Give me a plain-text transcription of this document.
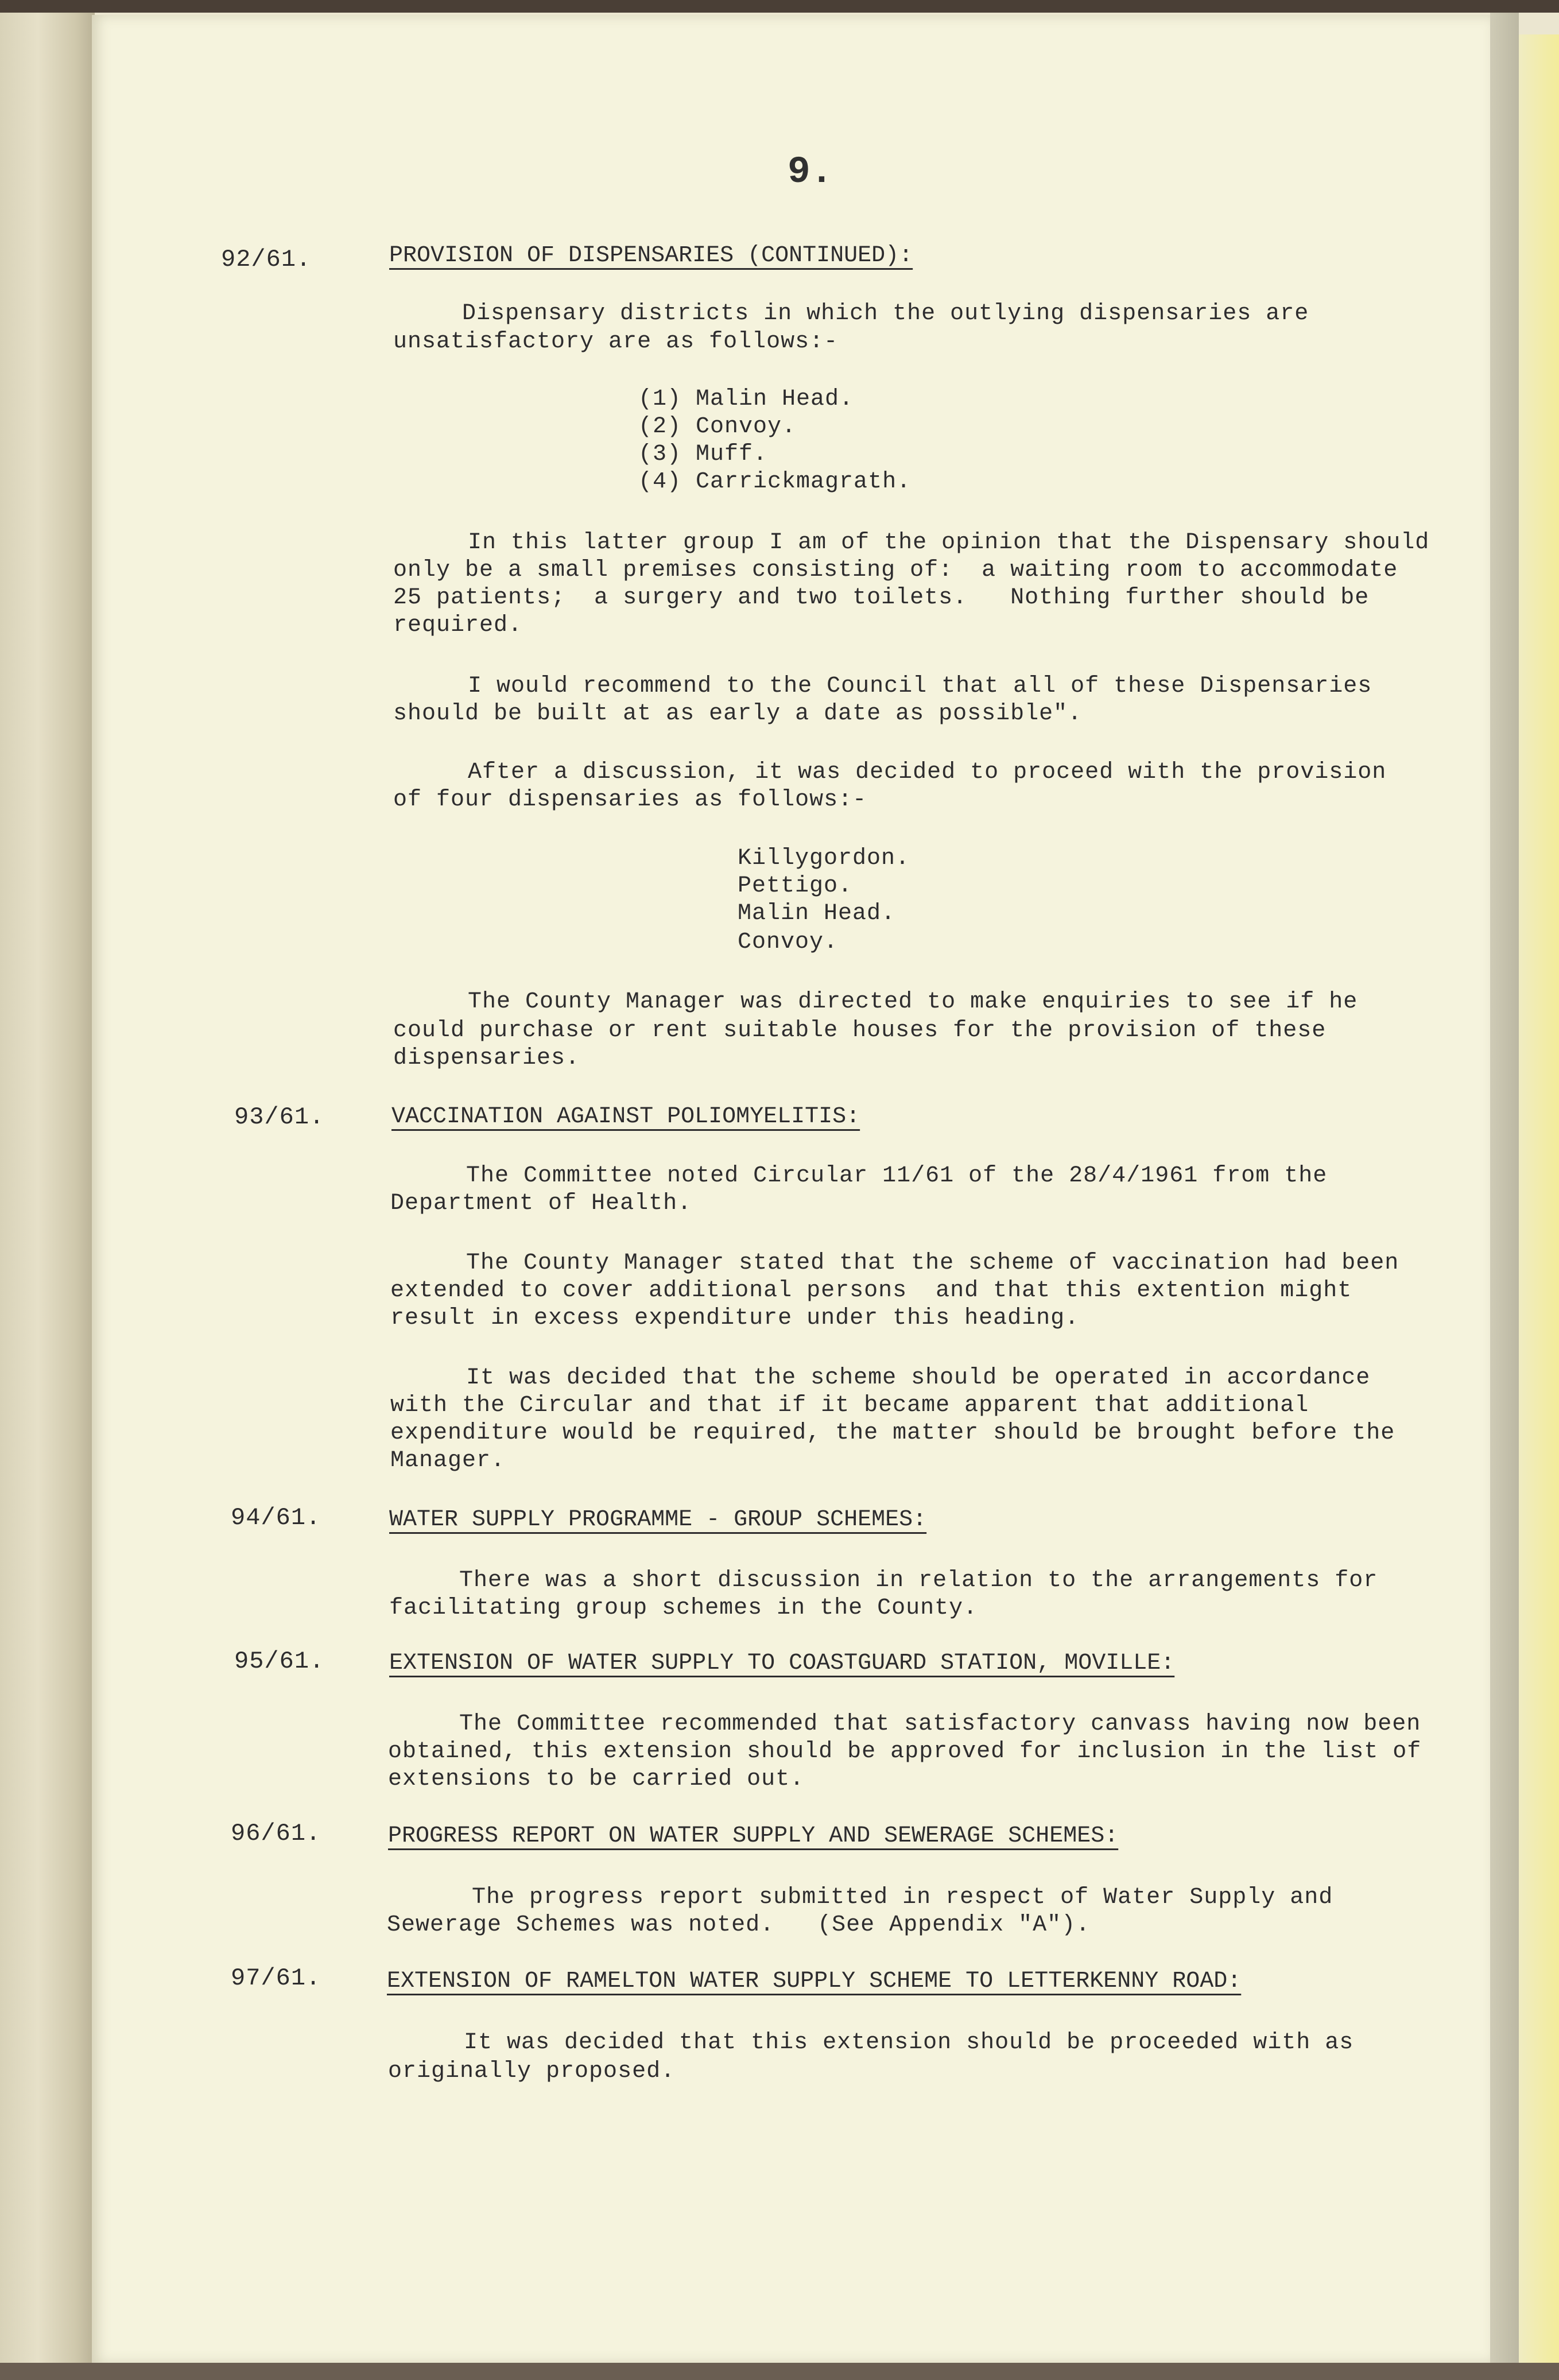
9.

92/61.	PROVISION OF DISPENSARIES (CONTINUED):

Dispensary districts in which the outlying dispensaries are

unsatisfactory are as follows:-

(1) Malin Head.

(2) Convoy.

(3) Muff.

(4) Carrickmagrath.

In this latter group I am of the opinion that the Dispensary should

only be a small premises consisting of:  a waiting room to accommodate

25 patients;  a surgery and two toilets.   Nothing further should be

required.

I would recommend to the Council that all of these Dispensaries

should be built at as early a date as possible".

After a discussion, it was decided to proceed with the provision

of four dispensaries as follows:-

Killygordon.

Pettigo.

Malin Head.

Convoy.

The County Manager was directed to make enquiries to see if he

could purchase or rent suitable houses for the provision of these

dispensaries.

93/61.	VACCINATION AGAINST POLIOMYELITIS:

The Committee noted Circular 11/61 of the 28/4/1961 from the

Department of Health.

The County Manager stated that the scheme of vaccination had been

extended to cover additional persons  and that this extention might

result in excess expenditure under this heading.

It was decided that the scheme should be operated in accordance

with the Circular and that if it became apparent that additional

expenditure would be required, the matter should be brought before the

Manager.

94/61.	WATER SUPPLY PROGRAMME - GROUP SCHEMES:

There was a short discussion in relation to the arrangements for

facilitating group schemes in the County.

95/61.	EXTENSION OF WATER SUPPLY TO COASTGUARD STATION, MOVILLE:

The Committee recommended that satisfactory canvass having now been

obtained, this extension should be approved for inclusion in the list of

extensions to be carried out.

96/61.	PROGRESS REPORT ON WATER SUPPLY AND SEWERAGE SCHEMES:

The progress report submitted in respect of Water Supply and

Sewerage Schemes was noted.   (See Appendix "A").

97/61.	EXTENSION OF RAMELTON WATER SUPPLY SCHEME TO LETTERKENNY ROAD:

It was decided that this extension should be proceeded with as

originally proposed.
